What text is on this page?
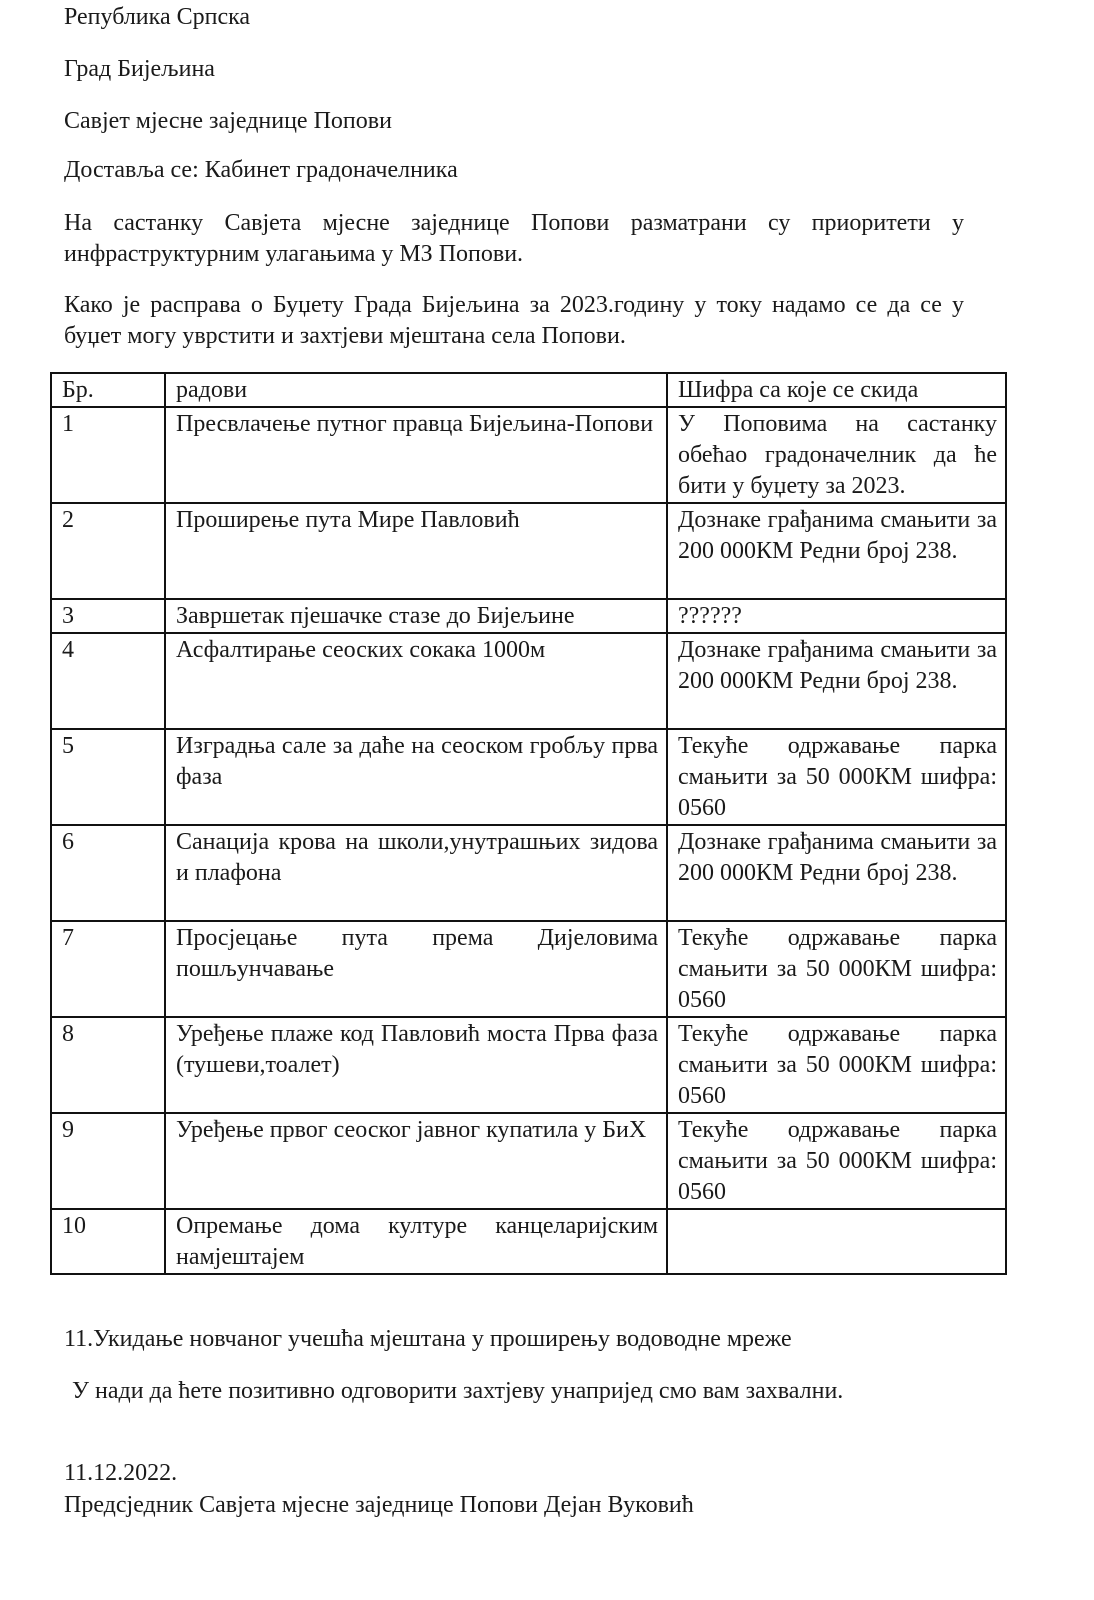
Република Српска
Град Бијељина
Савјет мјесне заједнице Попови
Доставља се: Кабинет градоначелника

На састанку Савјета мјесне заједнице Попови разматрани су приоритети у инфраструктурним улагањима у МЗ Попови.

Како је расправа о Буџету Града Бијељина за 2023.годину у току надамо се да се у буџет могу уврстити и захтјеви мјештана села Попови.

Бр.	радови	Шифра са које се скида
1	Пресвлачење путног правца Бијељина-Попови	У Поповима на састанку обећао градоначелник да ће бити у буџету за 2023.
2	Проширење пута Мире Павловић	Дознаке грађанима смањити за 200 000КМ Редни број 238.
3	Завршетак пјешачке стазе до Бијељине	??????
4	Асфалтирање сеоских сокака 1000м	Дознаке грађанима смањити за 200 000КМ Редни број 238.
5	Изградња сале за даће на сеоском гробљу прва фаза	Текуће одржавање парка смањити за 50 000КМ шифра: 0560
6	Санација крова на школи,унутрашњих зидова и плафона	Дознаке грађанима смањити за 200 000КМ Редни број 238.
7	Просјецање пута према Дијеловима пошљунчавање	Текуће одржавање парка смањити за 50 000КМ шифра: 0560
8	Уређење плаже код Павловић моста Прва фаза (тушеви,тоалет)	Текуће одржавање парка смањити за 50 000КМ шифра: 0560
9	Уређење првог сеоског јавног купатила у БиХ	Текуће одржавање парка смањити за 50 000КМ шифра: 0560
10	Опремање дома културе канцеларијским намјештајем	
11.Укидање новчаног учешћа мјештана у проширењу водоводне мреже

У нади да ћете позитивно одговорити захтјеву унапријед смо вам захвални.

11.12.2022.
Предсједник Савјета мјесне заједнице Попови Дејан Вуковић
